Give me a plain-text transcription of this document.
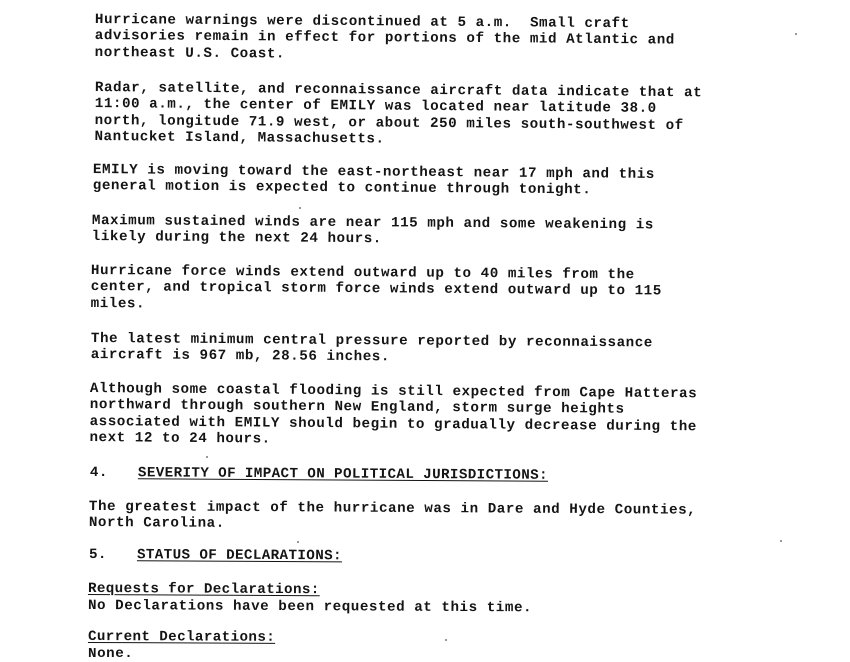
Hurricane warnings were discontinued at 5 a.m.  Small craft
advisories remain in effect for portions of the mid Atlantic and
northeast U.S. Coast.

Radar, satellite, and reconnaissance aircraft data indicate that at
11:00 a.m., the center of EMILY was located near latitude 38.0
north, longitude 71.9 west, or about 250 miles south-southwest of
Nantucket Island, Massachusetts.

EMILY is moving toward the east-northeast near 17 mph and this
general motion is expected to continue through tonight.

Maximum sustained winds are near 115 mph and some weakening is
likely during the next 24 hours.

Hurricane force winds extend outward up to 40 miles from the
center, and tropical storm force winds extend outward up to 115
miles.

The latest minimum central pressure reported by reconnaissance
aircraft is 967 mb, 28.56 inches.

Although some coastal flooding is still expected from Cape Hatteras
northward through southern New England, storm surge heights
associated with EMILY should begin to gradually decrease during the
next 12 to 24 hours.

4. SEVERITY OF IMPACT ON POLITICAL JURISDICTIONS:

The greatest impact of the hurricane was in Dare and Hyde Counties,
North Carolina.

5. STATUS OF DECLARATIONS:

Requests for Declarations:

No Declarations have been requested at this time.

Current Declarations:

None.
